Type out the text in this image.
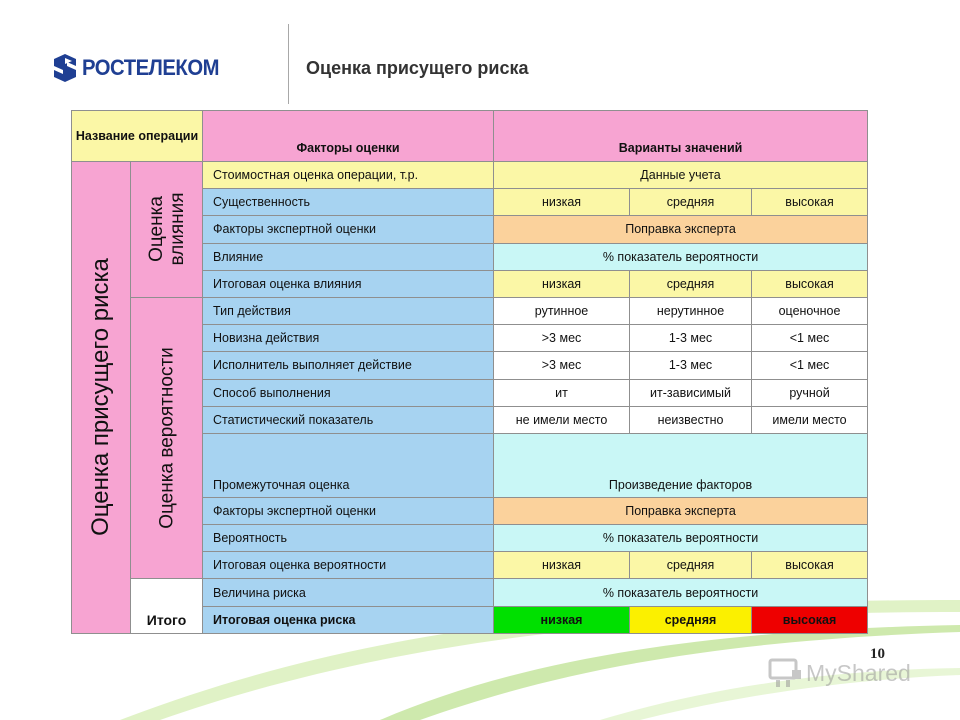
РОСТЕЛЕКОМ	Оценка присущего риска
Название операции		Факторы оценки	Варианты значений		

Оценка присущего риска	Оценка влияния	Стоимостная оценка операции, т.р.	Данные учета		
		Существенность	низкая	средняя	высокая
		Факторы экспертной оценки	Поправка эксперта		
		Влияние	% показатель вероятности		
		Итоговая оценка влияния	низкая	средняя	высокая

	Оценка вероятности	Тип действия	рутинное	нерутинное	оценочное
		Новизна действия	>3 мес	1-3 мес	<1 мес
		Исполнитель выполняет действие	>3 мес	1-3 мес	<1 мес
		Способ выполнения	ит	ит-зависимый	ручной
		Статистический показатель	не имели место	неизвестно	имели место
		Промежуточная оценка	Произведение факторов		
		Факторы экспертной оценки	Поправка эксперта		
		Вероятность	% показатель вероятности		
		Итоговая оценка вероятности	низкая	средняя	высокая
	Итого	Величина риска	% показатель вероятности		
		Итоговая оценка риска	низкая	средняя	высокая
10
MyShared
